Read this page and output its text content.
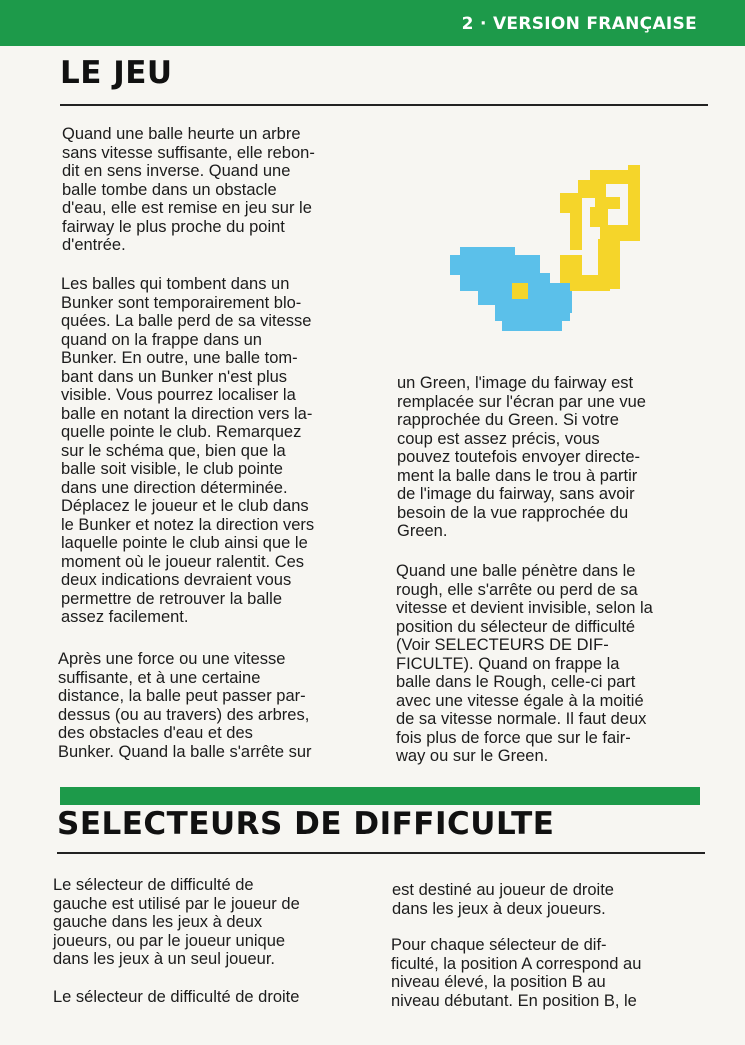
2 · VERSION FRANÇAISE
LE JEU

Quand une balle heurte un arbre
sans vitesse suffisante, elle rebon-
dit en sens inverse. Quand une
balle tombe dans un obstacle
d'eau, elle est remise en jeu sur le
fairway le plus proche du point
d'entrée.

Les balles qui tombent dans un
Bunker sont temporairement blo-
quées. La balle perd de sa vitesse
quand on la frappe dans un
Bunker. En outre, une balle tom-
bant dans un Bunker n'est plus
visible. Vous pourrez localiser la
balle en notant la direction vers la-
quelle pointe le club. Remarquez
sur le schéma que, bien que la
balle soit visible, le club pointe
dans une direction déterminée.
Déplacez le joueur et le club dans
le Bunker et notez la direction vers
laquelle pointe le club ainsi que le
moment où le joueur ralentit. Ces
deux indications devraient vous
permettre de retrouver la balle
assez facilement.

Après une force ou une vitesse
suffisante, et à une certaine
distance, la balle peut passer par-
dessus (ou au travers) des arbres,
des obstacles d'eau et des
Bunker. Quand la balle s'arrête sur

un Green, l'image du fairway est
remplacée sur l'écran par une vue
rapprochée du Green. Si votre
coup est assez précis, vous
pouvez toutefois envoyer directe-
ment la balle dans le trou à partir
de l'image du fairway, sans avoir
besoin de la vue rapprochée du
Green.

Quand une balle pénètre dans le
rough, elle s'arrête ou perd de sa
vitesse et devient invisible, selon la
position du sélecteur de difficulté
(Voir SELECTEURS DE DIF-
FICULTE). Quand on frappe la
balle dans le Rough, celle-ci part
avec une vitesse égale à la moitié
de sa vitesse normale. Il faut deux
fois plus de force que sur le fair-
way ou sur le Green.

SELECTEURS DE DIFFICULTE

Le sélecteur de difficulté de
gauche est utilisé par le joueur de
gauche dans les jeux à deux
joueurs, ou par le joueur unique
dans les jeux à un seul joueur.

Le sélecteur de difficulté de droite

est destiné au joueur de droite
dans les jeux à deux joueurs.

Pour chaque sélecteur de dif-
ficulté, la position A correspond au
niveau élevé, la position B au
niveau débutant. En position B, le
